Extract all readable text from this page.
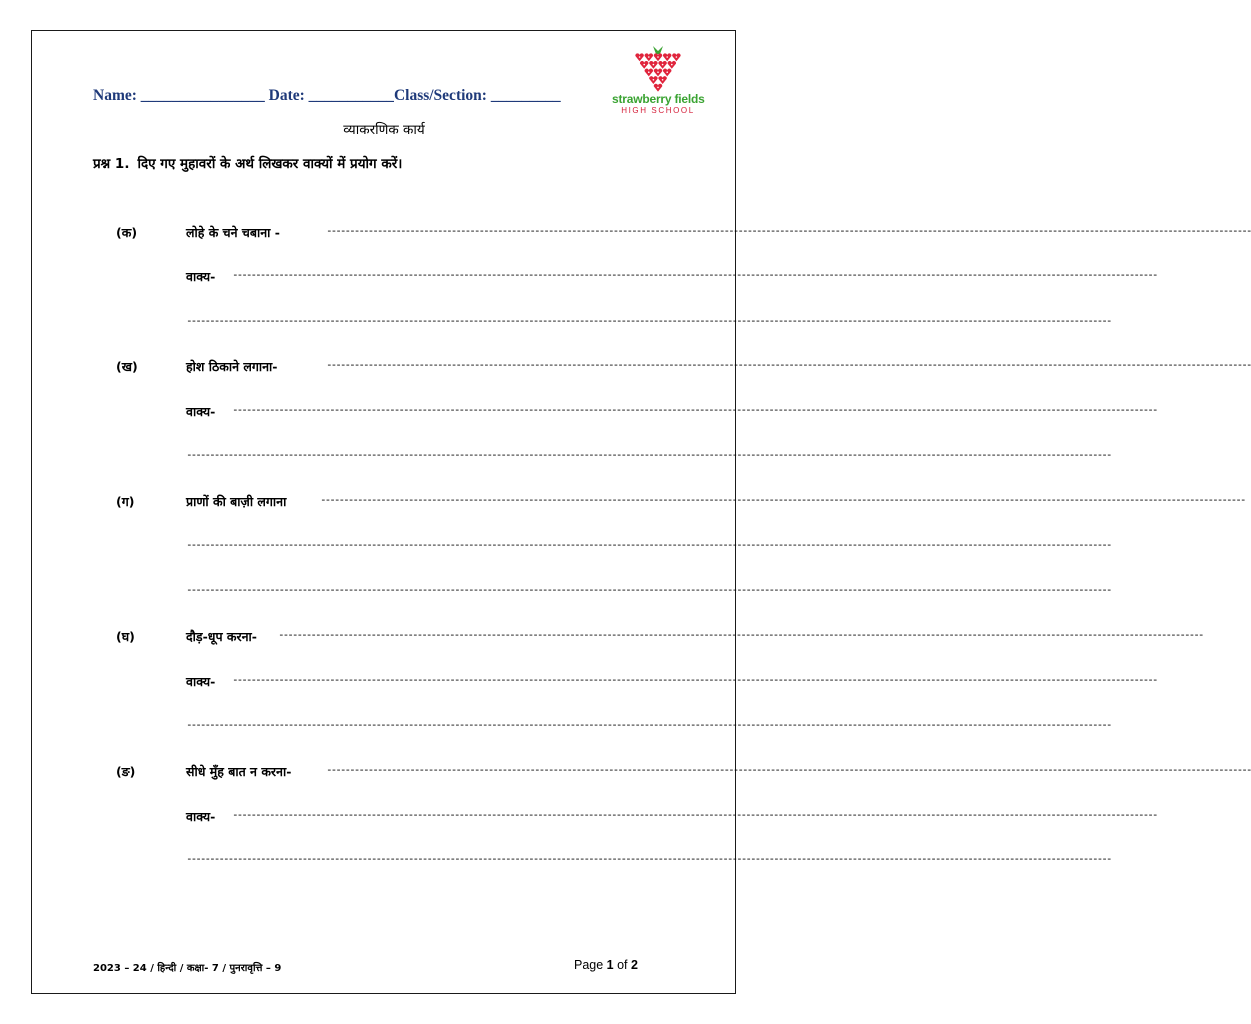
Name: ________________ Date: ___________Class/Section: _________	strawberry fields
HIGH SCHOOL
व्याकरणिक कार्य
प्रश्न 1. दिए गए मुहावरों के अर्थ लिखकर वाक्यों में प्रयोग करें।
(क)	लोहे के चने चबाना -	--------------------------------------------------------------------------------------------------------------------------------------------------------------------------------------------------------
वाक्य- --------------------------------------------------------------------------------------------------------------------------------------------------------------------------------------------------------
--------------------------------------------------------------------------------------------------------------------------------------------------------------------------------------------------------
(ख)	होश ठिकाने लगाना-	--------------------------------------------------------------------------------------------------------------------------------------------------------------------------------------------------------
वाक्य- --------------------------------------------------------------------------------------------------------------------------------------------------------------------------------------------------------
--------------------------------------------------------------------------------------------------------------------------------------------------------------------------------------------------------
(ग)	प्राणों की बाज़ी लगाना	--------------------------------------------------------------------------------------------------------------------------------------------------------------------------------------------------------
--------------------------------------------------------------------------------------------------------------------------------------------------------------------------------------------------------
--------------------------------------------------------------------------------------------------------------------------------------------------------------------------------------------------------
(घ)	दौड़-धूप करना- --------------------------------------------------------------------------------------------------------------------------------------------------------------------------------------------------------
वाक्य- --------------------------------------------------------------------------------------------------------------------------------------------------------------------------------------------------------
--------------------------------------------------------------------------------------------------------------------------------------------------------------------------------------------------------
(ङ)	सीधे मुँह बात न करना-	--------------------------------------------------------------------------------------------------------------------------------------------------------------------------------------------------------
वाक्य- --------------------------------------------------------------------------------------------------------------------------------------------------------------------------------------------------------
--------------------------------------------------------------------------------------------------------------------------------------------------------------------------------------------------------
2023 – 24 / हिन्दी / कक्षा- 7 / पुनरावृत्ति – 9	Page 1 of 2
